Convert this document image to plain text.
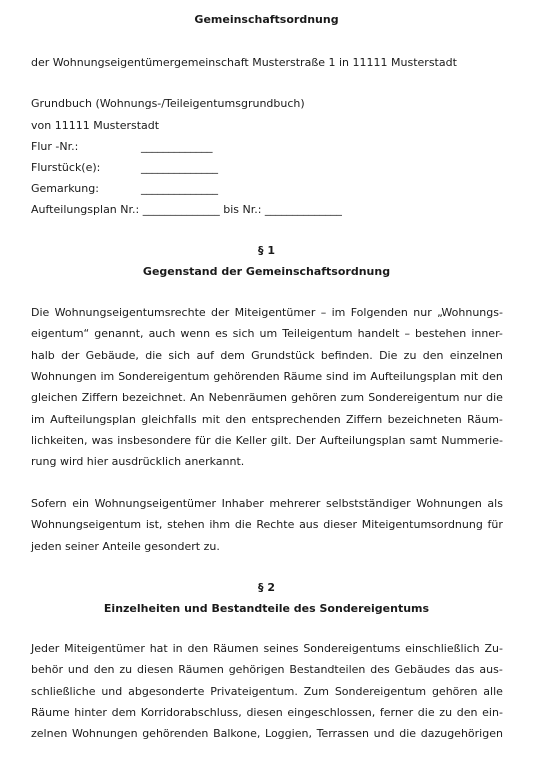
Gemeinschaftsordnung
der Wohnungseigentümergemeinschaft Musterstraße 1 in 11111 Musterstadt
Grundbuch (Wohnungs-/Teileigentumsgrundbuch)
von 11111 Musterstadt
Flur -Nr.:	_____________
Flurstück(e):	______________
Gemarkung:	______________
Aufteilungsplan Nr.: ______________ bis Nr.: ______________
§ 1
Gegenstand der Gemeinschaftsordnung
Die Wohnungseigentumsrechte der Miteigentümer – im Folgenden nur „Wohnungs-
eigentum“ genannt, auch wenn es sich um Teileigentum handelt – bestehen inner-
halb der Gebäude, die sich auf dem Grundstück befinden. Die zu den einzelnen
Wohnungen im Sondereigentum gehörenden Räume sind im Aufteilungsplan mit den
gleichen Ziffern bezeichnet. An Nebenräumen gehören zum Sondereigentum nur die
im Aufteilungsplan gleichfalls mit den entsprechenden Ziffern bezeichneten Räum-
lichkeiten, was insbesondere für die Keller gilt. Der Aufteilungsplan samt Nummerie-
rung wird hier ausdrücklich anerkannt.
Sofern ein Wohnungseigentümer Inhaber mehrerer selbstständiger Wohnungen als
Wohnungseigentum ist, stehen ihm die Rechte aus dieser Miteigentumsordnung für
jeden seiner Anteile gesondert zu.
§ 2
Einzelheiten und Bestandteile des Sondereigentums
Jeder Miteigentümer hat in den Räumen seines Sondereigentums einschließlich Zu-
behör und den zu diesen Räumen gehörigen Bestandteilen des Gebäudes das aus-
schließliche und abgesonderte Privateigentum. Zum Sondereigentum gehören alle
Räume hinter dem Korridorabschluss, diesen eingeschlossen, ferner die zu den ein-
zelnen Wohnungen gehörenden Balkone, Loggien, Terrassen und die dazugehörigen
